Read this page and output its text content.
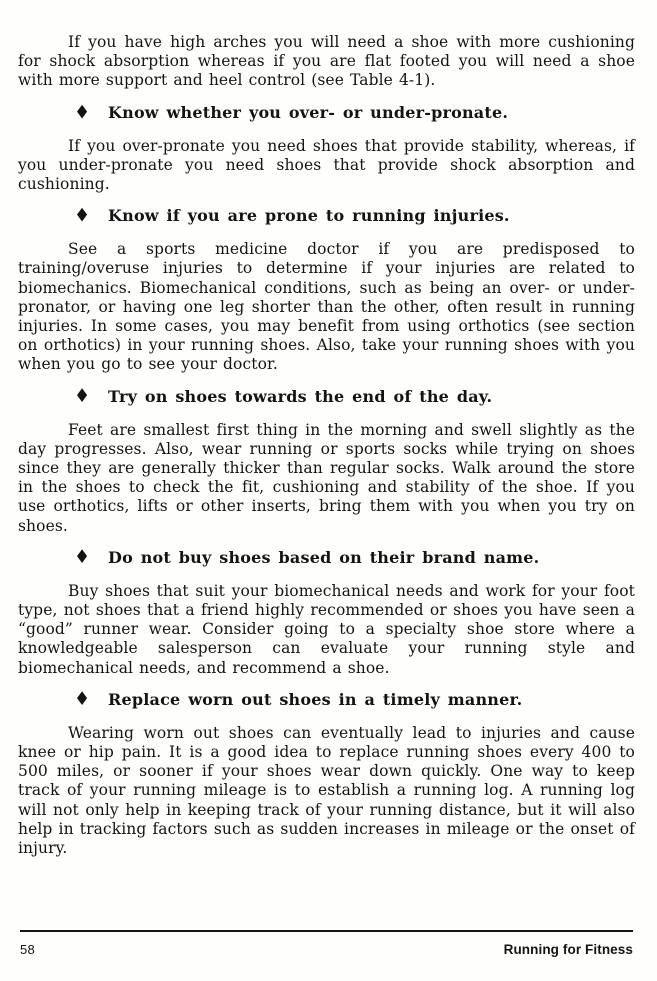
If you have high arches you will need a shoe with more cushioning for shock absorption whereas if you are flat footed you will need a shoe with more support and heel control (see Table 4-1).

♦	Know whether you over- or under-pronate.

If you over-pronate you need shoes that provide stability, whereas, if you under-pronate you need shoes that provide shock absorption and cushioning.

♦	Know if you are prone to running injuries.

See a sports medicine doctor if you are predisposed to training/overuse injuries to determine if your injuries are related to biomechanics. Biomechanical conditions, such as being an over- or under-pronator, or having one leg shorter than the other, often result in running injuries. In some cases, you may benefit from using orthotics (see section on orthotics) in your running shoes. Also, take your running shoes with you when you go to see your doctor.

♦	Try on shoes towards the end of the day.

Feet are smallest first thing in the morning and swell slightly as the day progresses. Also, wear running or sports socks while trying on shoes since they are generally thicker than regular socks. Walk around the store in the shoes to check the fit, cushioning and stability of the shoe. If you use orthotics, lifts or other inserts, bring them with you when you try on shoes.

♦	Do not buy shoes based on their brand name.

Buy shoes that suit your biomechanical needs and work for your foot type, not shoes that a friend highly recommended or shoes you have seen a “good” runner wear. Consider going to a specialty shoe store where a knowledgeable salesperson can evaluate your running style and biomechanical needs, and recommend a shoe.

♦	Replace worn out shoes in a timely manner.

Wearing worn out shoes can eventually lead to injuries and cause knee or hip pain. It is a good idea to replace running shoes every 400 to 500 miles, or sooner if your shoes wear down quickly. One way to keep track of your running mileage is to establish a running log. A running log will not only help in keeping track of your running distance, but it will also help in tracking factors such as sudden increases in mileage or the onset of injury.

58	Running for Fitness
